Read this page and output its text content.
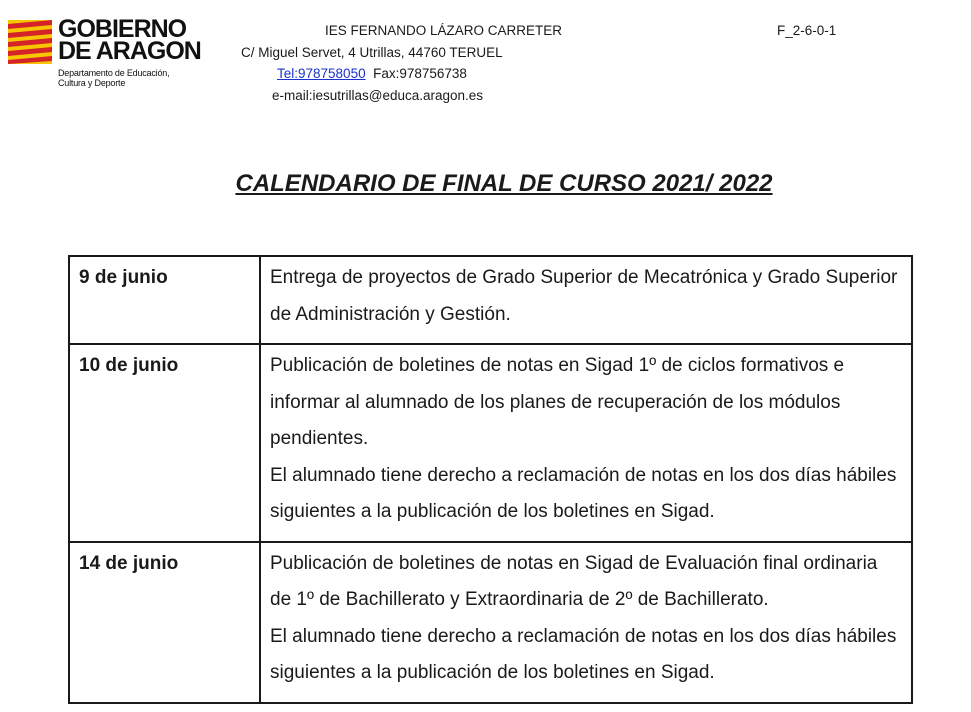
GOBIERNO
DE ARAGON
Departamento de Educación,
Cultura y Deporte
IES FERNANDO LÁZARO CARRETER	F_2-6-0-1
C/ Miguel Servet, 4 Utrillas, 44760 TERUEL
Tel:978758050 Fax:978756738
e-mail:iesutrillas@educa.aragon.es
CALENDARIO DE FINAL DE CURSO 2021/ 2022
9 de junio	Entrega de proyectos de Grado Superior de Mecatrónica y Grado Superior de Administración y Gestión.

10 de junio	Publicación de boletines de notas en Sigad 1º de ciclos formativos e informar al alumnado de los planes de recuperación de los módulos pendientes.

El alumnado tiene derecho a reclamación de notas en los dos días hábiles siguientes a la publicación de los boletines en Sigad.

14 de junio	Publicación de boletines de notas en Sigad de Evaluación final ordinaria de 1º de Bachillerato y Extraordinaria de 2º de Bachillerato.

El alumnado tiene derecho a reclamación de notas en los dos días hábiles siguientes a la publicación de los boletines en Sigad.
